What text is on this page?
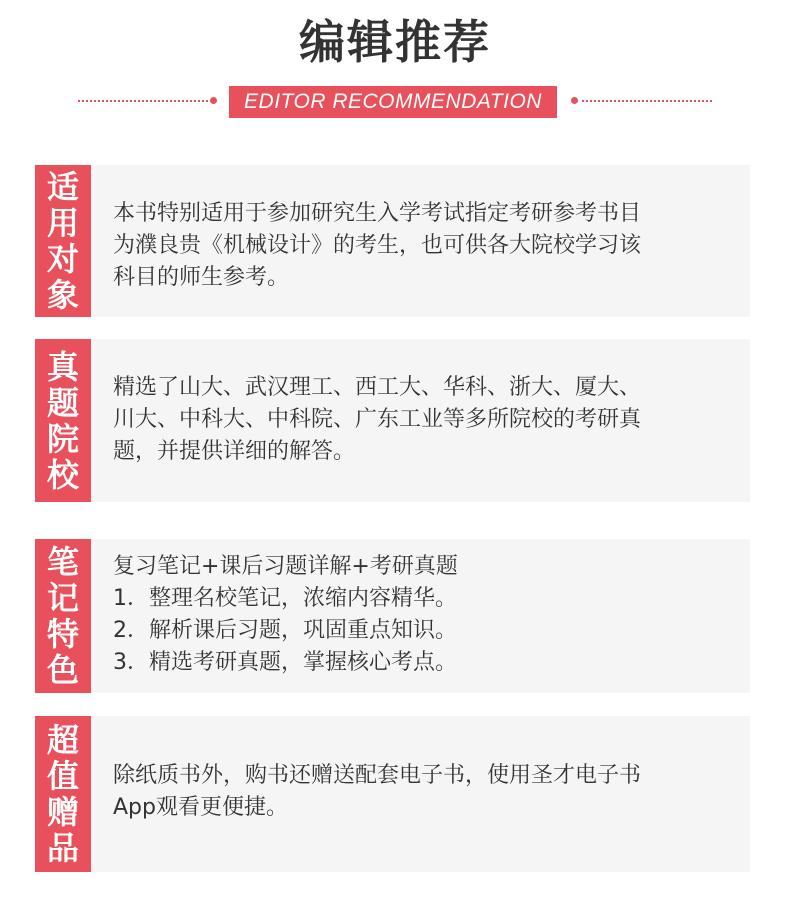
编辑推荐
EDITOR RECOMMENDATION
适用对象
本书特别适用于参加研究生入学考试指定考研参考书目
为濮良贵《机械设计》的考生，也可供各大院校学习该
科目的师生参考。
真题院校
精选了山大、武汉理工、西工大、华科、浙大、厦大、
川大、中科大、中科院、广东工业等多所院校的考研真
题，并提供详细的解答。
笔记特色
复习笔记+课后习题详解+考研真题
1．整理名校笔记，浓缩内容精华。
2．解析课后习题，巩固重点知识。
3．精选考研真题，掌握核心考点。
超值赠品
除纸质书外，购书还赠送配套电子书，使用圣才电子书
App观看更便捷。
